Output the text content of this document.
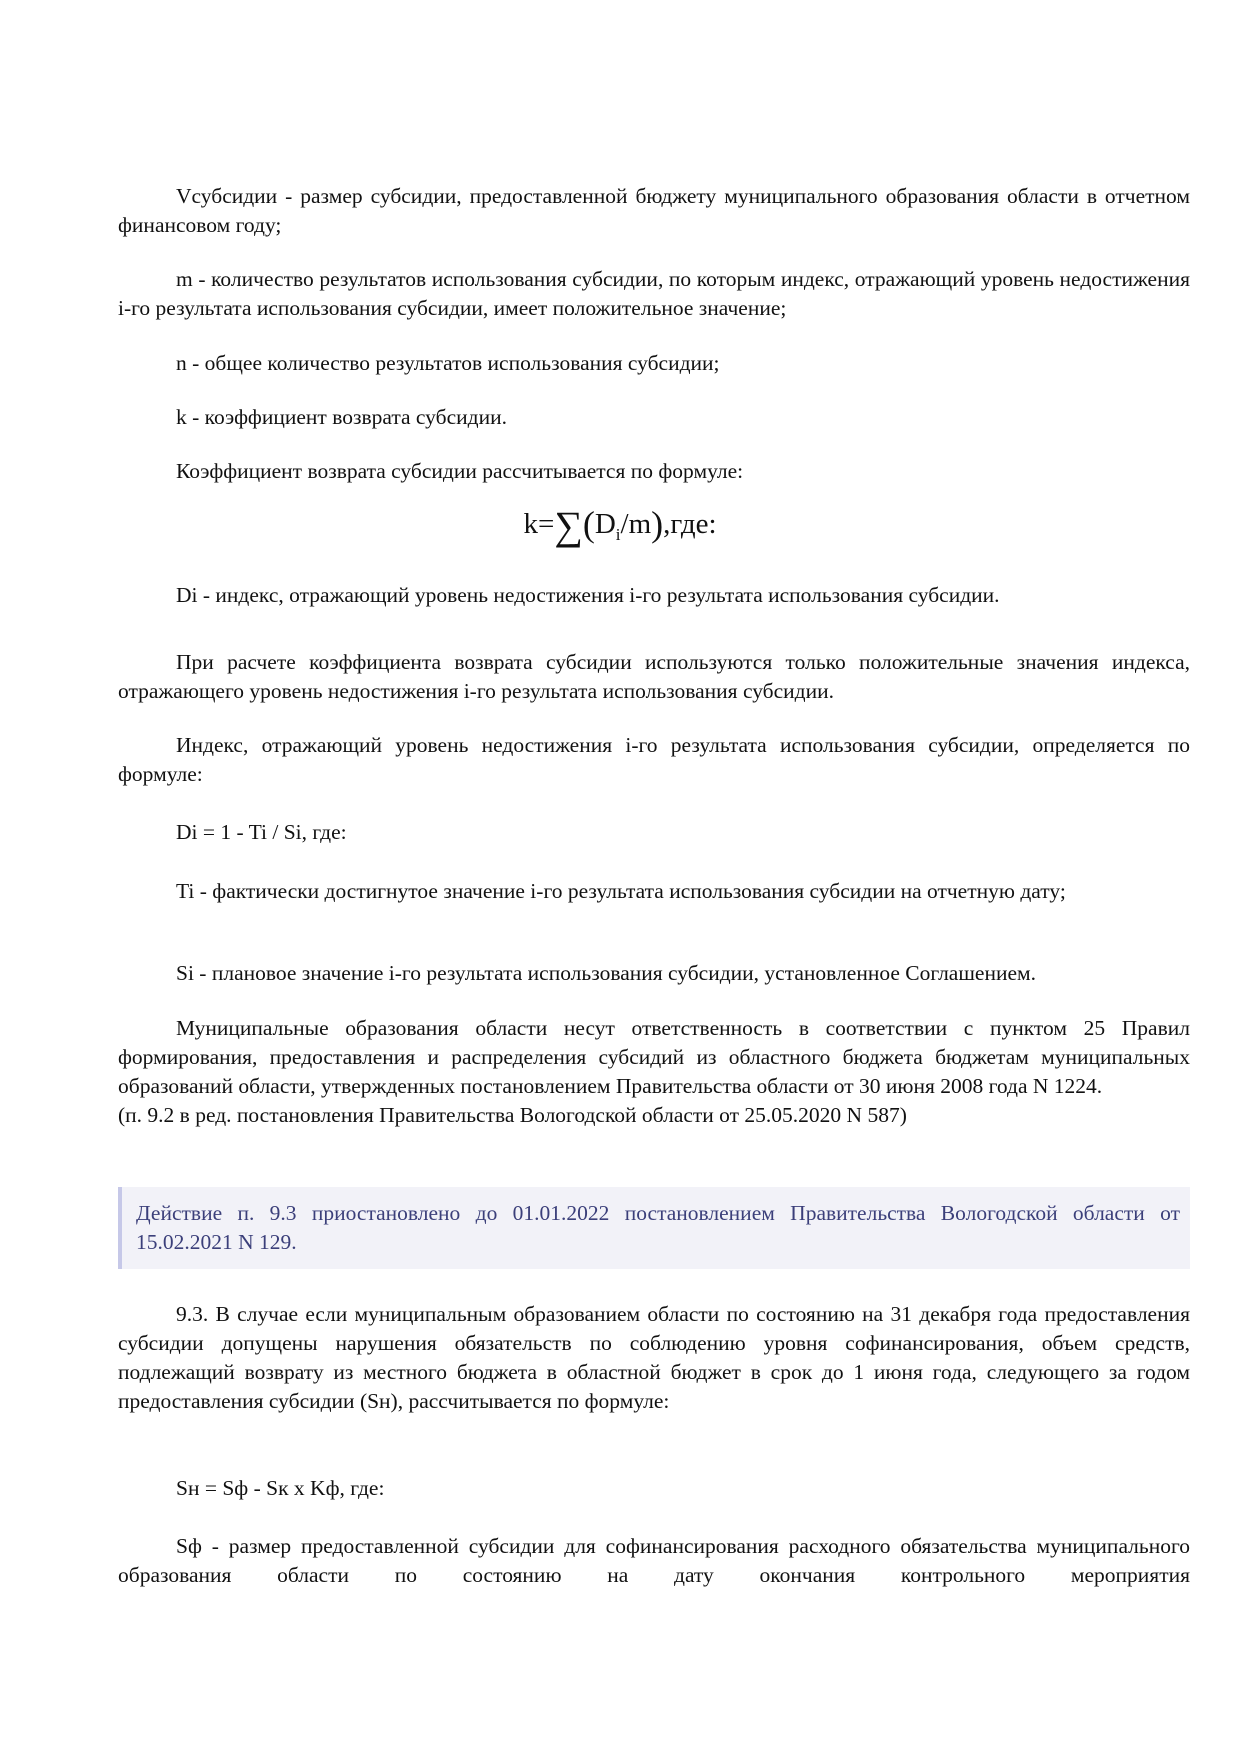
Vсубсидии - размер субсидии, предоставленной бюджету муниципального образования области в отчетном финансовом году;

m - количество результатов использования субсидии, по которым индекс, отражающий уровень недостижения i-го результата использования субсидии, имеет положительное значение;

n - общее количество результатов использования субсидии;

k - коэффициент возврата субсидии.

Коэффициент возврата субсидии рассчитывается по формуле:

$k=\sum(D_i/m),где$:

Di - индекс, отражающий уровень недостижения i-го результата использования субсидии.

При расчете коэффициента возврата субсидии используются только положительные значения индекса, отражающего уровень недостижения i-го результата использования субсидии.

Индекс, отражающий уровень недостижения i-го результата использования субсидии, определяется по формуле:

Di = 1 - Ti / Si, где:

Ti - фактически достигнутое значение i-го результата использования субсидии на отчетную дату;

Si - плановое значение i-го результата использования субсидии, установленное Соглашением.

Муниципальные образования области несут ответственность в соответствии с пунктом 25 Правил формирования, предоставления и распределения субсидий из областного бюджета бюджетам муниципальных образований области, утвержденных постановлением Правительства области от 30 июня 2008 года N 1224.

(п. 9.2 в ред. постановления Правительства Вологодской области от 25.05.2020 N 587)

Действие п. 9.3 приостановлено до 01.01.2022 постановлением Правительства Вологодской области от 15.02.2021 N 129.

9.3. В случае если муниципальным образованием области по состоянию на 31 декабря года предоставления субсидии допущены нарушения обязательств по соблюдению уровня софинансирования, объем средств, подлежащий возврату из местного бюджета в областной бюджет в срок до 1 июня года, следующего за годом предоставления субсидии (Sн), рассчитывается по формуле:

Sн = Sф - Sк x Kф, где:

Sф - размер предоставленной субсидии для софинансирования расходного обязательства муниципального образования области по состоянию на дату окончания контрольного мероприятия
